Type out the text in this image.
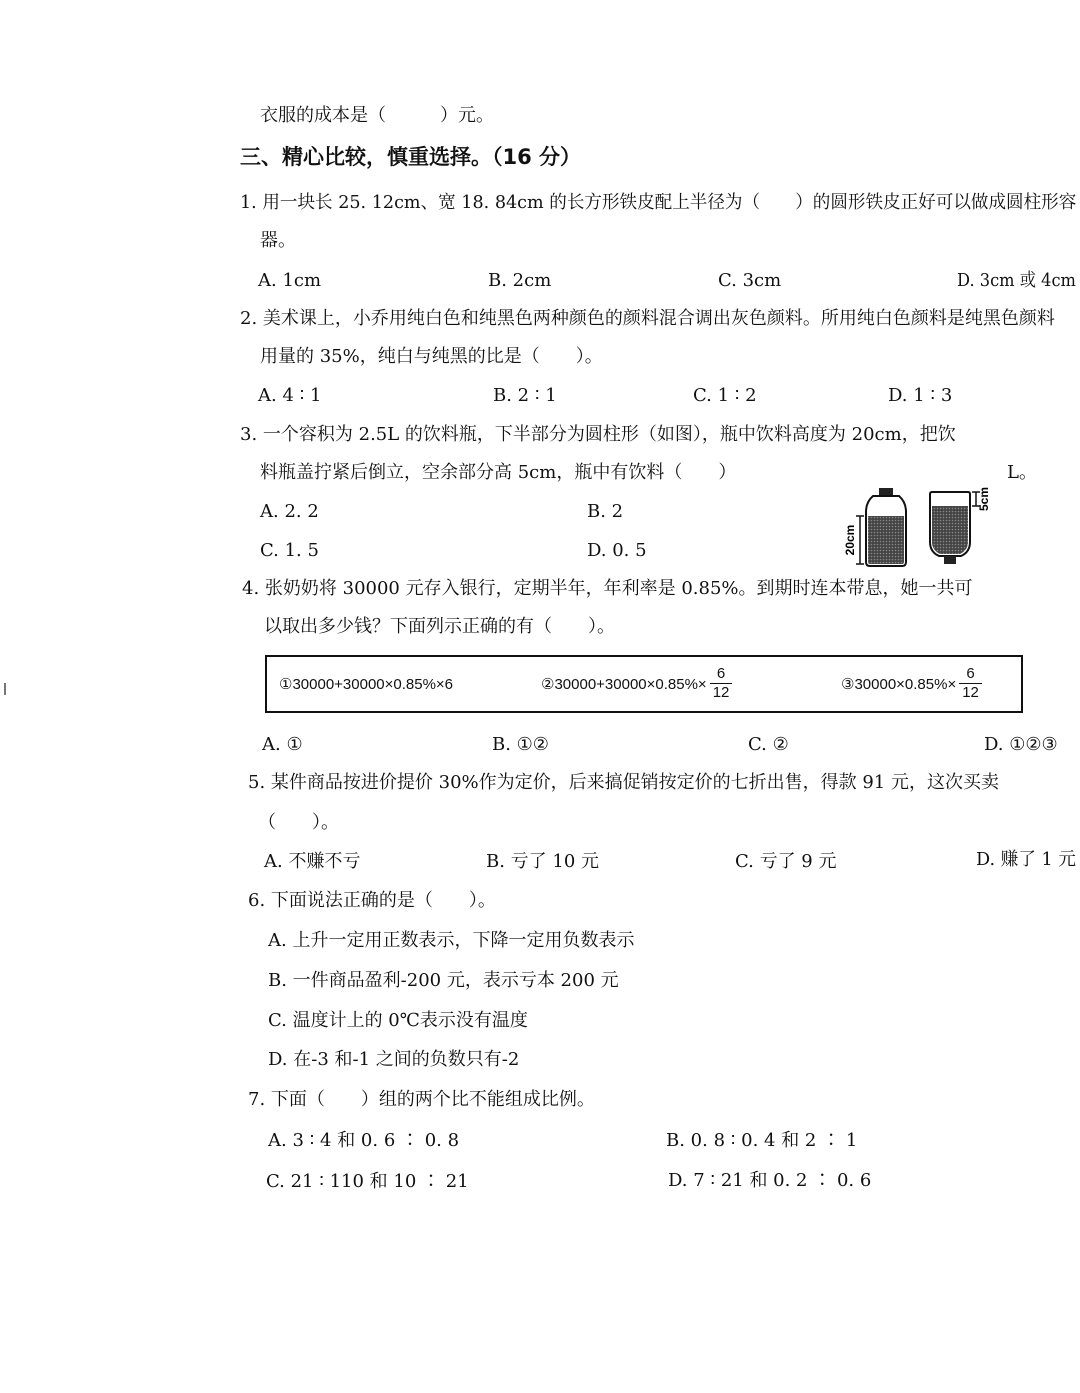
衣服的成本是（　　　）元。
三、精心比较，慎重选择。（16 分）
1. 用一块长 25. 12cm、宽 18. 84cm 的长方形铁皮配上半径为（　　）的圆形铁皮正好可以做成圆柱形容
器。
A. 1cm	B. 2cm	C. 3cm	D. 3cm 或 4cm
2. 美术课上，小乔用纯白色和纯黑色两种颜色的颜料混合调出灰色颜料。所用纯白色颜料是纯黑色颜料
用量的 35%，纯白与纯黑的比是（　　）。
A. 4 ∶ 1	B. 2 ∶ 1	C. 1 ∶ 2	D. 1 ∶ 3
3. 一个容积为 2.5L 的饮料瓶，下半部分为圆柱形（如图），瓶中饮料高度为 20cm，把饮
料瓶盖拧紧后倒立，空余部分高 5cm，瓶中有饮料（　　）	L。
A. 2. 2	B. 2
C. 1. 5	D. 0. 5	20cm
5cm
4. 张奶奶将 30000 元存入银行，定期半年，年利率是 0.85%。到期时连本带息，她一共可
以取出多少钱？下面列示正确的有（　　）。
①30000+30000×0.85%×6	②30000+30000×0.85%× $\frac{6}{12}$	③30000×0.85%× $\frac{6}{12}$
A. ①	B. ①②	C. ②	D. ①②③
5. 某件商品按进价提价 30%作为定价，后来搞促销按定价的七折出售，得款 91 元，这次买卖
（　　）。
A. 不赚不亏	B. 亏了 10 元	C. 亏了 9 元	D. 赚了 1 元
6. 下面说法正确的是（　　）。
A. 上升一定用正数表示，下降一定用负数表示
B. 一件商品盈利-200 元，表示亏本 200 元
C. 温度计上的 0℃表示没有温度
D. 在-3 和-1 之间的负数只有-2
7. 下面（　　）组的两个比不能组成比例。
A. 3 ∶ 4 和 0. 6 ∶ 0. 8	B. 0. 8 ∶ 0. 4 和 2 ∶ 1
C. 21 ∶ 110 和 10 ∶ 21	D. 7 ∶ 21 和 0. 2 ∶ 0. 6
